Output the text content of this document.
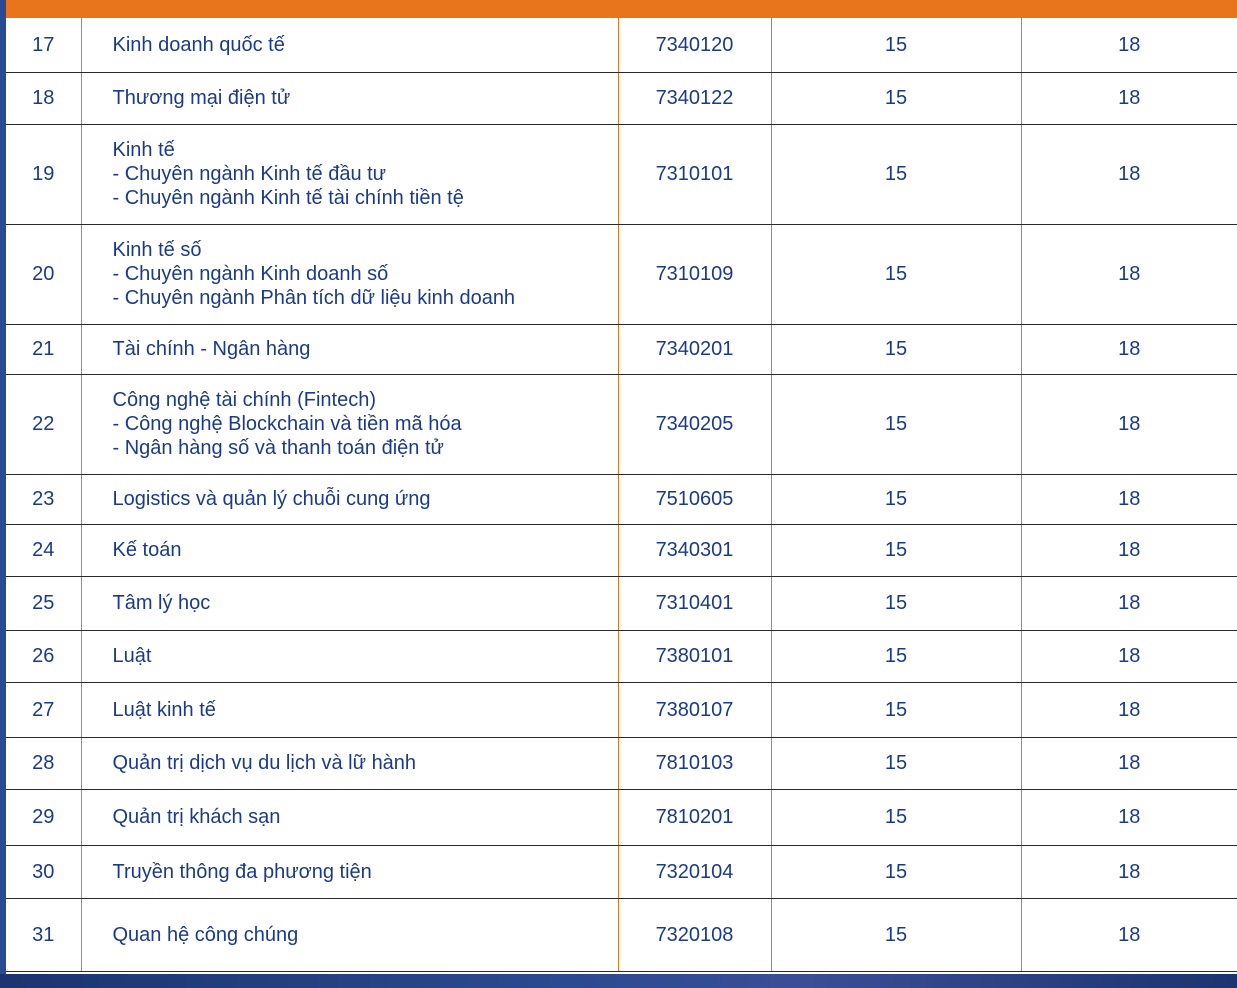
17	Kinh doanh quốc tế	7340120	15	18
18	Thương mại điện tử	7340122	15	18
19	Kinh tế
- Chuyên ngành Kinh tế đầu tư
- Chuyên ngành Kinh tế tài chính tiền tệ	7310101	15	18
20	Kinh tế số
- Chuyên ngành Kinh doanh số
- Chuyên ngành Phân tích dữ liệu kinh doanh	7310109	15	18
21	Tài chính - Ngân hàng	7340201	15	18
22	Công nghệ tài chính (Fintech)
- Công nghệ Blockchain và tiền mã hóa
- Ngân hàng số và thanh toán điện tử	7340205	15	18
23	Logistics và quản lý chuỗi cung ứng	7510605	15	18
24	Kế toán	7340301	15	18
25	Tâm lý học	7310401	15	18
26	Luật	7380101	15	18
27	Luật kinh tế	7380107	15	18
28	Quản trị dịch vụ du lịch và lữ hành	7810103	15	18
29	Quản trị khách sạn	7810201	15	18
30	Truyền thông đa phương tiện	7320104	15	18
31	Quan hệ công chúng	7320108	15	18
